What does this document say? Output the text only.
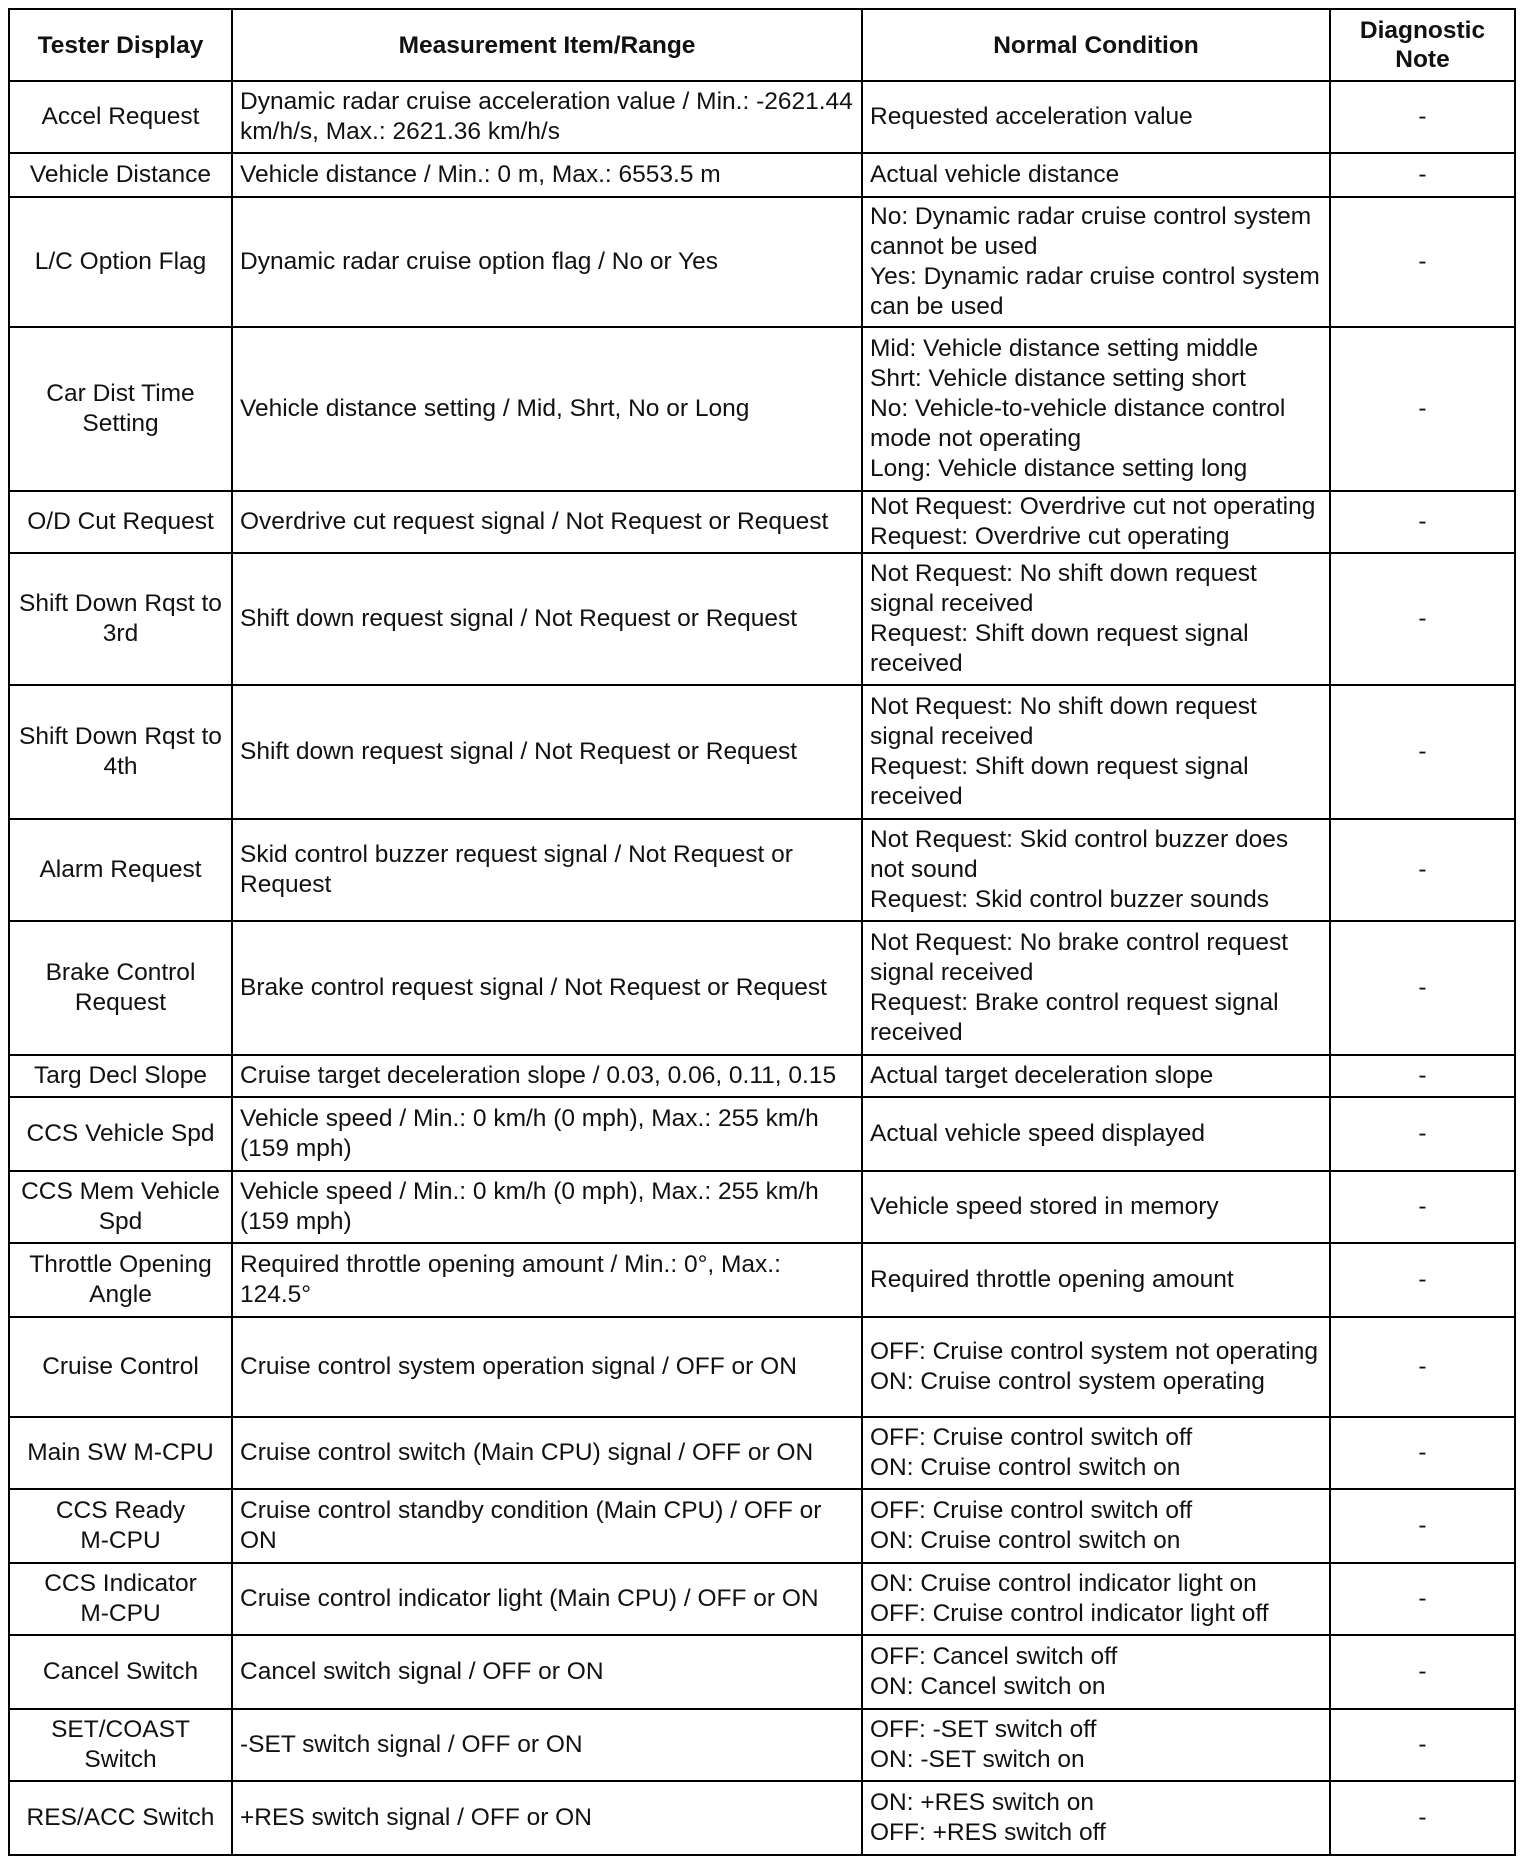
Tester Display	Measurement Item/Range	Normal Condition	Diagnostic
Note

Accel Request	Dynamic radar cruise acceleration value / Min.: -2621.44 km/h/s, Max.: 2621.36 km/h/s	Requested acceleration value	-

Vehicle Distance	Vehicle distance / Min.: 0 m, Max.: 6553.5 m	Actual vehicle distance	-

L/C Option Flag	Dynamic radar cruise option flag / No or Yes	No: Dynamic radar cruise control system cannot be used
Yes: Dynamic radar cruise control system can be used	-

Car Dist Time
Setting	Vehicle distance setting / Mid, Shrt, No or Long	Mid: Vehicle distance setting middle
Shrt: Vehicle distance setting short
No: Vehicle-to-vehicle distance control mode not operating
Long: Vehicle distance setting long	-

O/D Cut Request	Overdrive cut request signal / Not Request or Request	Not Request: Overdrive cut not operating
Request: Overdrive cut operating	-

Shift Down Rqst to
3rd	Shift down request signal / Not Request or Request	Not Request: No shift down request signal received
Request: Shift down request signal received	-

Shift Down Rqst to
4th	Shift down request signal / Not Request or Request	Not Request: No shift down request signal received
Request: Shift down request signal received	-

Alarm Request	Skid control buzzer request signal / Not Request or Request	Not Request: Skid control buzzer does not sound
Request: Skid control buzzer sounds	-

Brake Control
Request	Brake control request signal / Not Request or Request	Not Request: No brake control request signal received
Request: Brake control request signal received	-

Targ Decl Slope	Cruise target deceleration slope / 0.03, 0.06, 0.11, 0.15	Actual target deceleration slope	-

CCS Vehicle Spd	Vehicle speed / Min.: 0 km/h (0 mph), Max.: 255 km/h (159 mph)	Actual vehicle speed displayed	-

CCS Mem Vehicle
Spd	Vehicle speed / Min.: 0 km/h (0 mph), Max.: 255 km/h (159 mph)	Vehicle speed stored in memory	-

Throttle Opening
Angle	Required throttle opening amount / Min.: 0°, Max.: 124.5°	Required throttle opening amount	-

Cruise Control	Cruise control system operation signal / OFF or ON	OFF: Cruise control system not operating
ON: Cruise control system operating	-

Main SW M-CPU	Cruise control switch (Main CPU) signal / OFF or ON	OFF: Cruise control switch off
ON: Cruise control switch on	-

CCS Ready
M-CPU	Cruise control standby condition (Main CPU) / OFF or ON	OFF: Cruise control switch off
ON: Cruise control switch on	-

CCS Indicator
M-CPU	Cruise control indicator light (Main CPU) / OFF or ON	ON: Cruise control indicator light on
OFF: Cruise control indicator light off	-

Cancel Switch	Cancel switch signal / OFF or ON	OFF: Cancel switch off
ON: Cancel switch on	-

SET/COAST
Switch	-SET switch signal / OFF or ON	OFF: -SET switch off
ON: -SET switch on	-

RES/ACC Switch	+RES switch signal / OFF or ON	ON: +RES switch on
OFF: +RES switch off	-
